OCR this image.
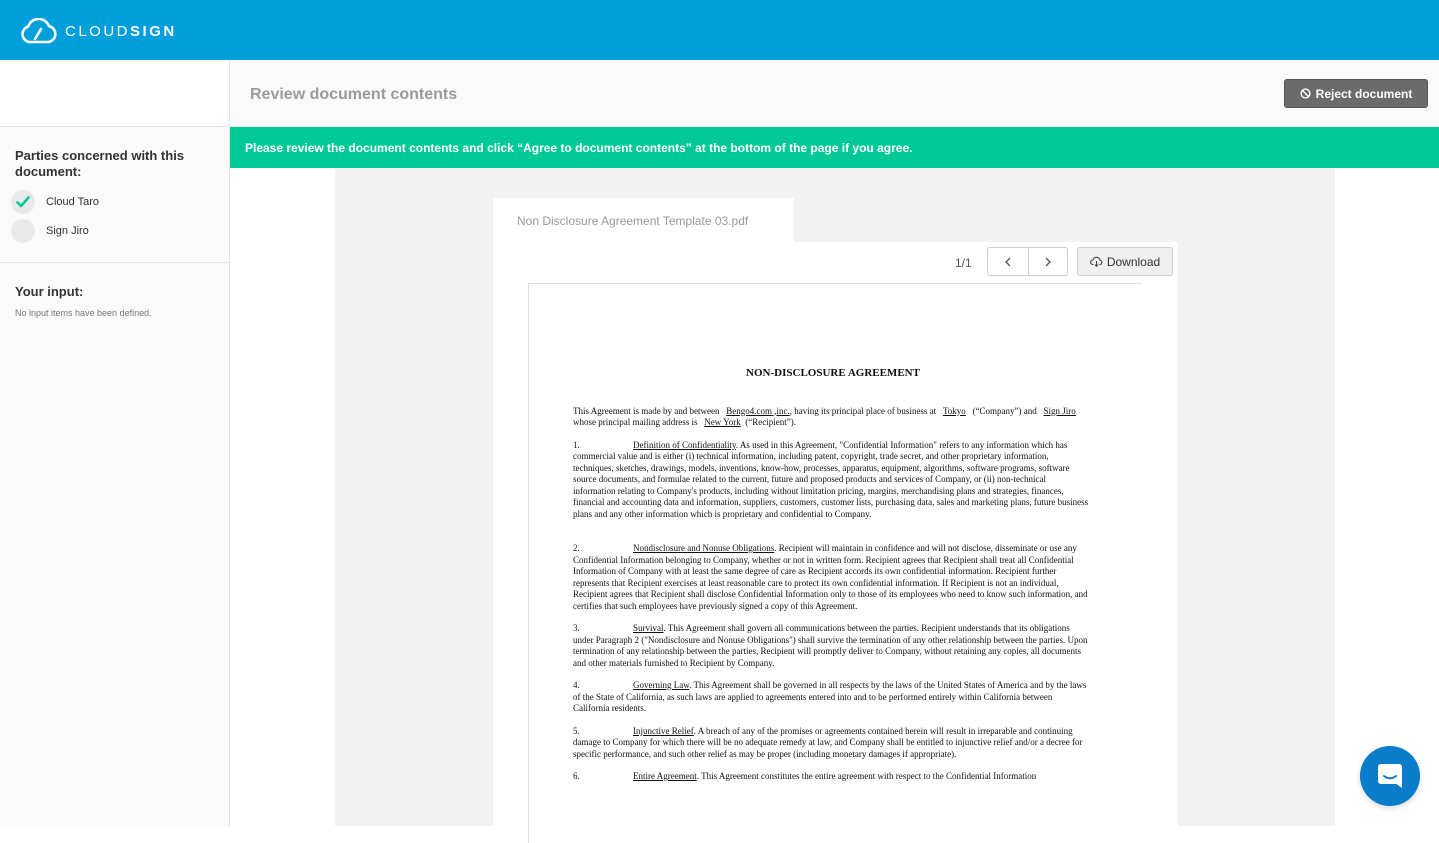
CLOUDSIGN
Parties concerned with this document:
Cloud Taro
Sign Jiro
Your input:
No input items have been defined.
Review document contents	Reject document
Please review the document contents and click “Agree to document contents” at the bottom of the page if you agree.
Non Disclosure Agreement Template 03.pdf
1/1	Download
NON-DISCLOSURE AGREEMENT
This Agreement is made by and between Bengo4.com ,inc., having its principal place of business at Tokyo (“Company”) and Sign Jiro  whose principal mailing address is New York (“Recipient”).
1.	Definition of Confidentiality. As used in this Agreement, "Confidential Information" refers to any information which has commercial value and is either (i) technical information, including patent, copyright, trade secret, and other proprietary information, techniques, sketches, drawings, models, inventions, know-how, processes, apparatus, equipment, algorithms, software programs, software source documents, and formulae related to the current, future and proposed products and services of Company, or (ii) non-technical information relating to Company's products, including without limitation pricing, margins, merchandising plans and strategies, finances, financial and accounting data and information, suppliers, customers, customer lists, purchasing data, sales and marketing plans, future business plans and any other information which is proprietary and confidential to Company.
2.	Nondisclosure and Nonuse Obligations. Recipient will maintain in confidence and will not disclose, disseminate or use any Confidential Information belonging to Company, whether or not in written form. Recipient agrees that Recipient shall treat all Confidential Information of Company with at least the same degree of care as Recipient accords its own confidential information. Recipient further represents that Recipient exercises at least reasonable care to protect its own confidential information. If Recipient is not an individual, Recipient agrees that Recipient shall disclose Confidential Information only to those of its employees who need to know such information, and certifies that such employees have previously signed a copy of this Agreement.
3.	Survival. This Agreement shall govern all communications between the parties. Recipient understands that its obligations under Paragraph 2 ("Nondisclosure and Nonuse Obligations") shall survive the termination of any other relationship between the parties. Upon termination of any relationship between the parties, Recipient will promptly deliver to Company, without retaining any copies, all documents and other materials furnished to Recipient by Company.
4.	Governing Law. This Agreement shall be governed in all respects by the laws of the United States of America and by the laws of the State of California, as such laws are applied to agreements entered into and to be performed entirely within California between California residents.
5.	Injunctive Relief. A breach of any of the promises or agreements contained herein will result in irreparable and continuing damage to Company for which there will be no adequate remedy at law, and Company shall be entitled to injunctive relief and/or a decree for specific performance, and such other relief as may be proper (including monetary damages if appropriate).
6.	Entire Agreement. This Agreement constitutes the entire agreement with respect to the Confidential Information
